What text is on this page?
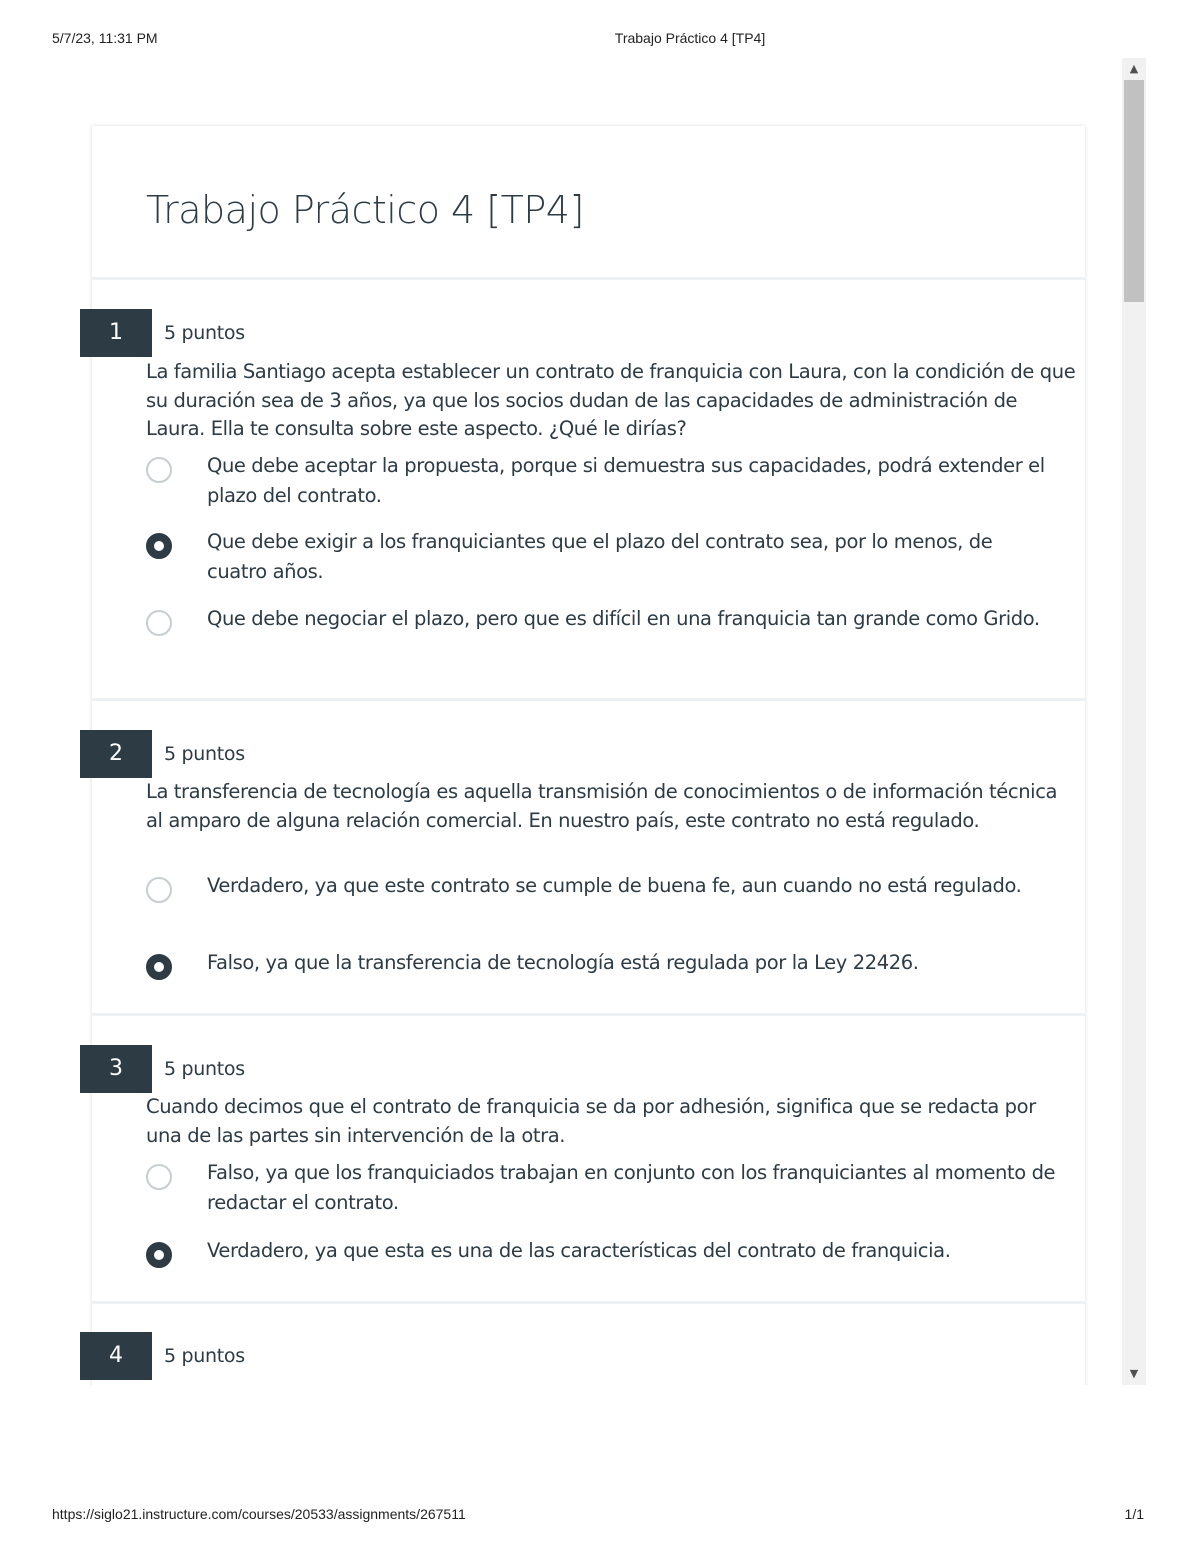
5/7/23, 11:31 PM	Trabajo Práctico 4 [TP4]
Trabajo Práctico 4 [TP4]
1	5 puntos

La familia Santiago acepta establecer un contrato de franquicia con Laura, con la condición de que su duración sea de 3 años, ya que los socios dudan de las capacidades de administración de Laura. Ella te consulta sobre este aspecto. ¿Qué le dirías?

Que debe aceptar la propuesta, porque si demuestra sus capacidades, podrá extender el plazo del contrato.
Que debe exigir a los franquiciantes que el plazo del contrato sea, por lo menos, de cuatro años.
Que debe negociar el plazo, pero que es difícil en una franquicia tan grande como Grido.
2	5 puntos

La transferencia de tecnología es aquella transmisión de conocimientos o de información técnica al amparo de alguna relación comercial. En nuestro país, este contrato no está regulado.

Verdadero, ya que este contrato se cumple de buena fe, aun cuando no está regulado.
Falso, ya que la transferencia de tecnología está regulada por la Ley 22426.
3	5 puntos

Cuando decimos que el contrato de franquicia se da por adhesión, significa que se redacta por una de las partes sin intervención de la otra.

Falso, ya que los franquiciados trabajan en conjunto con los franquiciantes al momento de redactar el contrato.
Verdadero, ya que esta es una de las características del contrato de franquicia.
4	5 puntos
▲
▼
https://siglo21.instructure.com/courses/20533/assignments/267511	1/1
